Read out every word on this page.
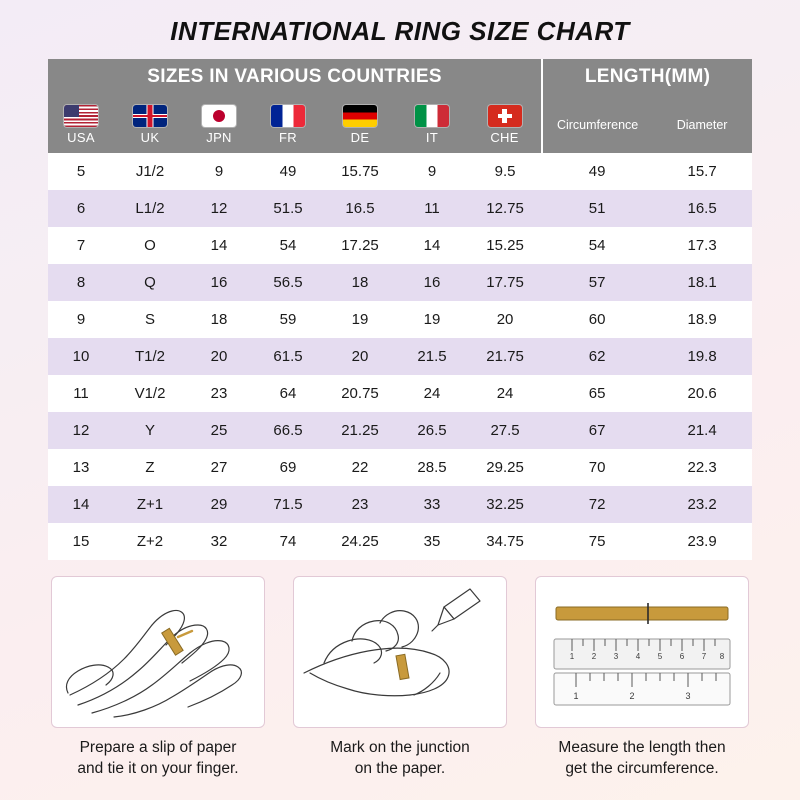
INTERNATIONAL RING SIZE CHART
SIZES IN VARIOUS COUNTRIES							LENGTH(MM)	

USA	UK	JPN	FR	DE	IT	CHE	Circumference	Diameter
5	J1/2	9	49	15.75	9	9.5	49	15.7
6	L1/2	12	51.5	16.5	11	12.75	51	16.5
7	O	14	54	17.25	14	15.25	54	17.3
8	Q	16	56.5	18	16	17.75	57	18.1
9	S	18	59	19	19	20	60	18.9
10	T1/2	20	61.5	20	21.5	21.75	62	19.8
11	V1/2	23	64	20.75	24	24	65	20.6
12	Y	25	66.5	21.25	26.5	27.5	67	21.4
13	Z	27	69	22	28.5	29.25	70	22.3
14	Z+1	29	71.5	23	33	32.25	72	23.2
15	Z+2	32	74	24.25	35	34.75	75	23.9
Prepare a slip of paper
and tie it on your finger.
Mark on the junction
on the paper.
1 2 3 4 5 6 7 8
1	2	3
Measure the length then
get the circumference.
